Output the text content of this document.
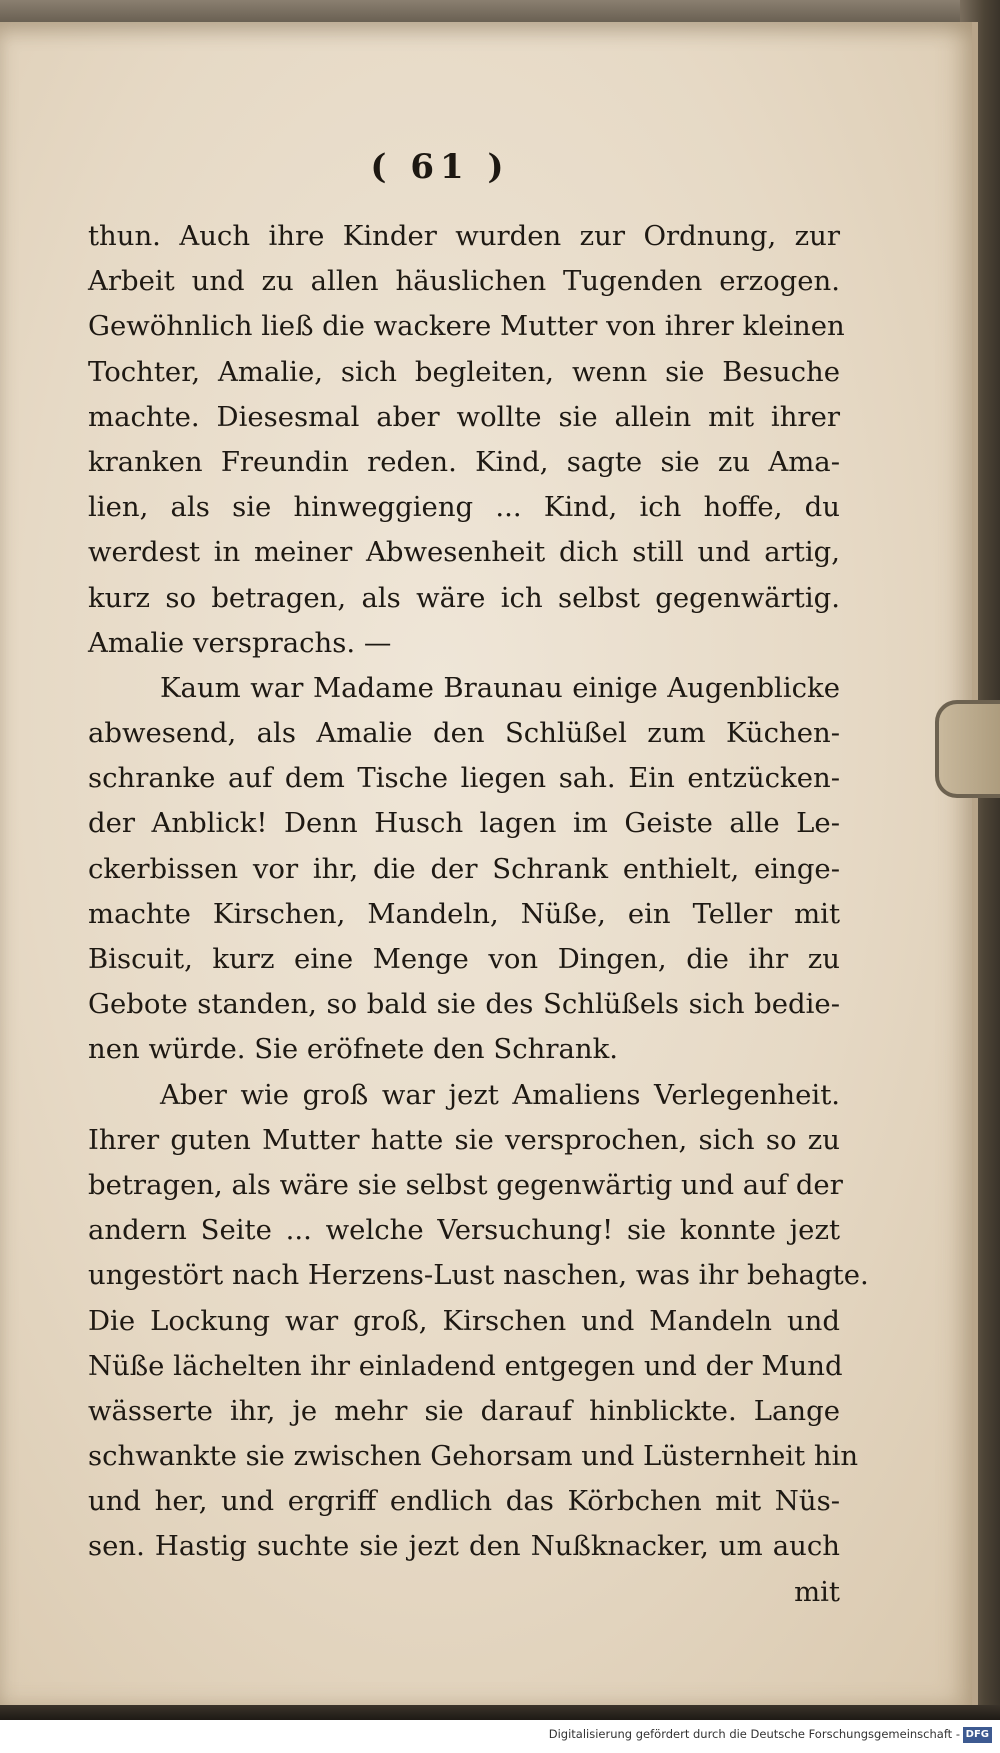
( 61 )
thun. Auch ihre Kinder wurden zur Ordnung, zur
Arbeit und zu allen häuslichen Tugenden erzogen.
Gewöhnlich ließ die wackere Mutter von ihrer kleinen
Tochter, Amalie, sich begleiten, wenn sie Besuche
machte. Diesesmal aber wollte sie allein mit ihrer
kranken Freundin reden. Kind, sagte sie zu Ama-
lien, als sie hinweggieng ... Kind, ich hoffe, du
werdest in meiner Abwesenheit dich still und artig,
kurz so betragen, als wäre ich selbst gegenwärtig.
Amalie versprachs. —
Kaum war Madame Braunau einige Augenblicke
abwesend, als Amalie den Schlüßel zum Küchen-
schranke auf dem Tische liegen sah. Ein entzücken-
der Anblick! Denn Husch lagen im Geiste alle Le-
ckerbissen vor ihr, die der Schrank enthielt, einge-
machte Kirschen, Mandeln, Nüße, ein Teller mit
Biscuit, kurz eine Menge von Dingen, die ihr zu
Gebote standen, so bald sie des Schlüßels sich bedie-
nen würde. Sie eröfnete den Schrank.
Aber wie groß war jezt Amaliens Verlegenheit.
Ihrer guten Mutter hatte sie versprochen, sich so zu
betragen, als wäre sie selbst gegenwärtig und auf der
andern Seite ... welche Versuchung! sie konnte jezt
ungestört nach Herzens-Lust naschen, was ihr behagte.
Die Lockung war groß, Kirschen und Mandeln und
Nüße lächelten ihr einladend entgegen und der Mund
wässerte ihr, je mehr sie darauf hinblickte. Lange
schwankte sie zwischen Gehorsam und Lüsternheit hin
und her, und ergriff endlich das Körbchen mit Nüs-
sen. Hastig suchte sie jezt den Nußknacker, um auch
mit
Digitalisierung gefördert durch die Deutsche Forschungsgemeinschaft - DFG
